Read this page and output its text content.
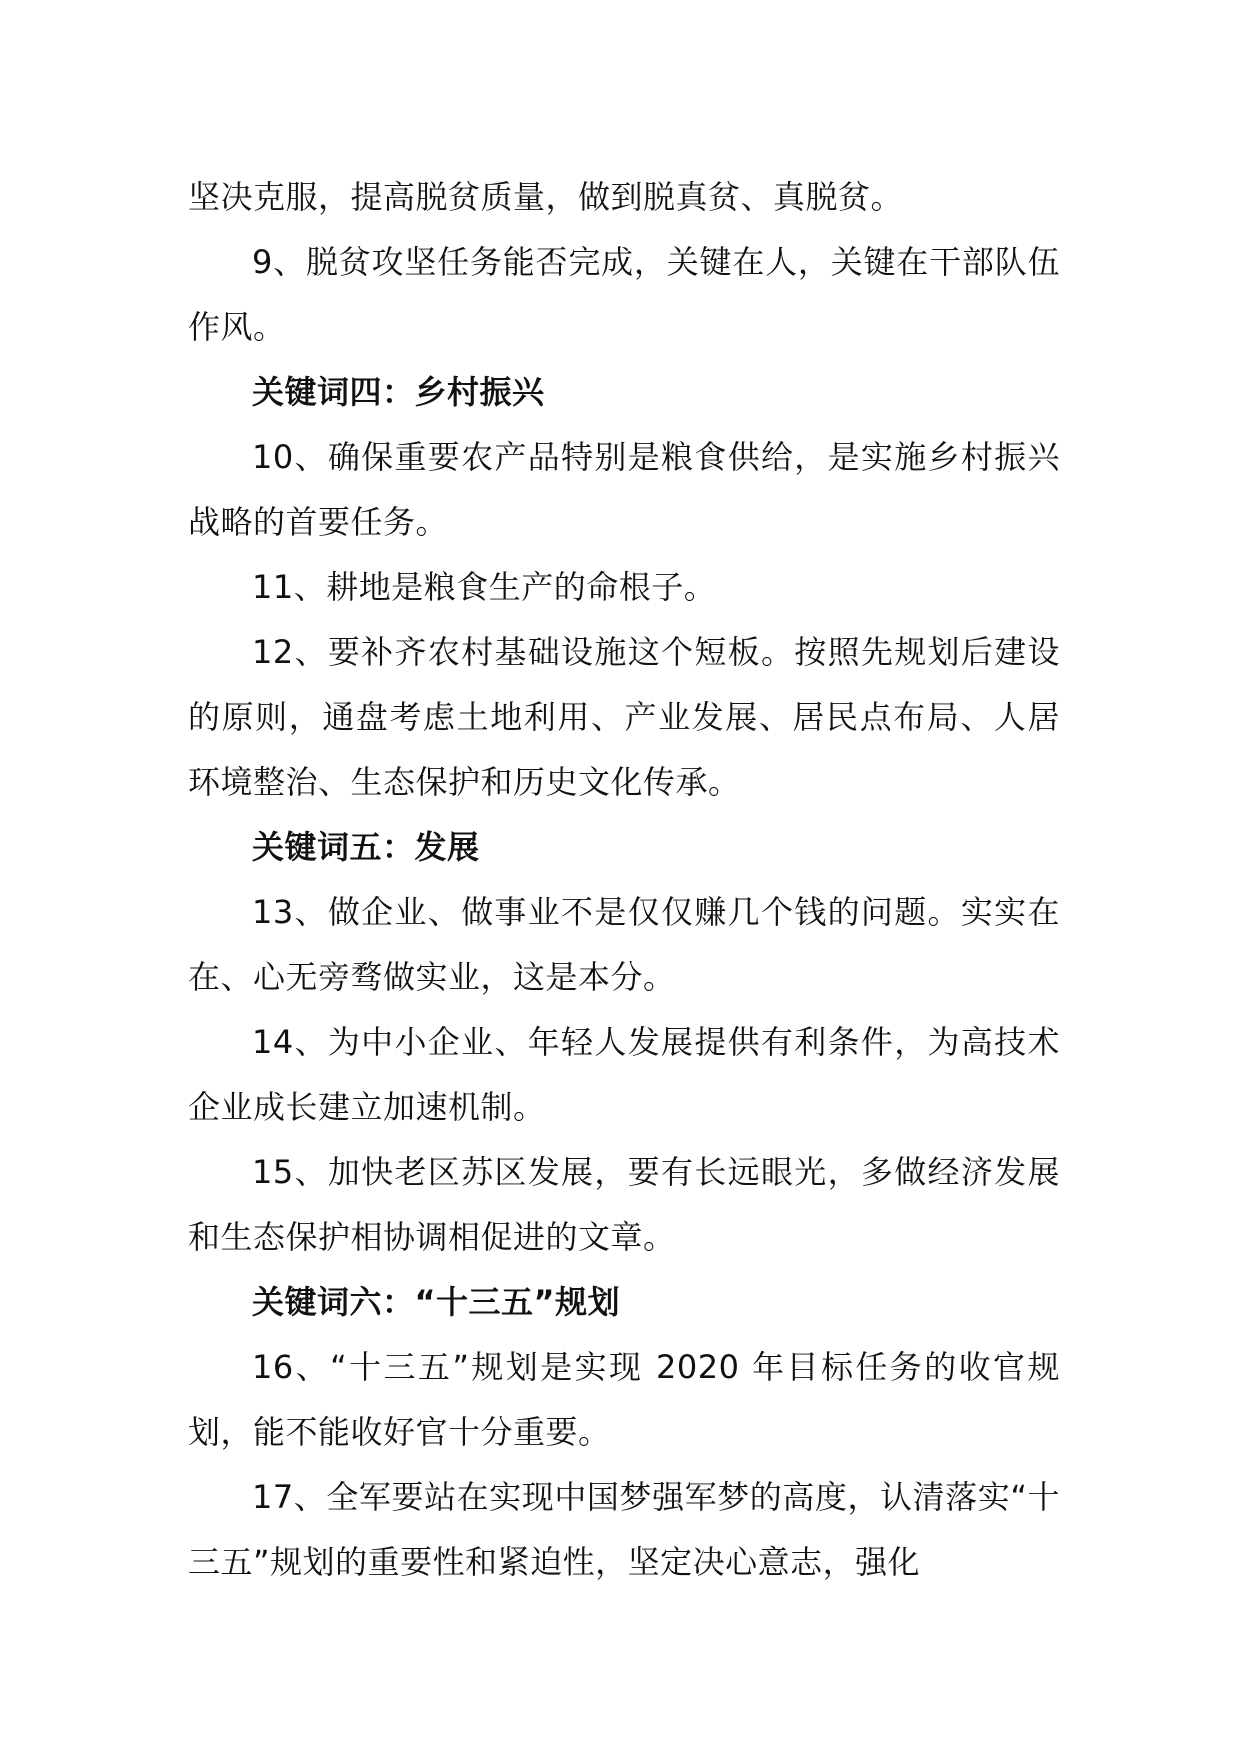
坚决克服，提高脱贫质量，做到脱真贫、真脱贫。

9、脱贫攻坚任务能否完成，关键在人，关键在干部队伍作风。

关键词四：乡村振兴

10、确保重要农产品特别是粮食供给，是实施乡村振兴战略的首要任务。

11、耕地是粮食生产的命根子。

12、要补齐农村基础设施这个短板。按照先规划后建设的原则，通盘考虑土地利用、产业发展、居民点布局、人居环境整治、生态保护和历史文化传承。

关键词五：发展

13、做企业、做事业不是仅仅赚几个钱的问题。实实在在、心无旁骛做实业，这是本分。

14、为中小企业、年轻人发展提供有利条件，为高技术企业成长建立加速机制。

15、加快老区苏区发展，要有长远眼光，多做经济发展和生态保护相协调相促进的文章。

关键词六：“十三五”规划

16、“十三五”规划是实现 2020 年目标任务的收官规划，能不能收好官十分重要。

17、全军要站在实现中国梦强军梦的高度，认清落实“十三五”规划的重要性和紧迫性，坚定决心意志，强化
